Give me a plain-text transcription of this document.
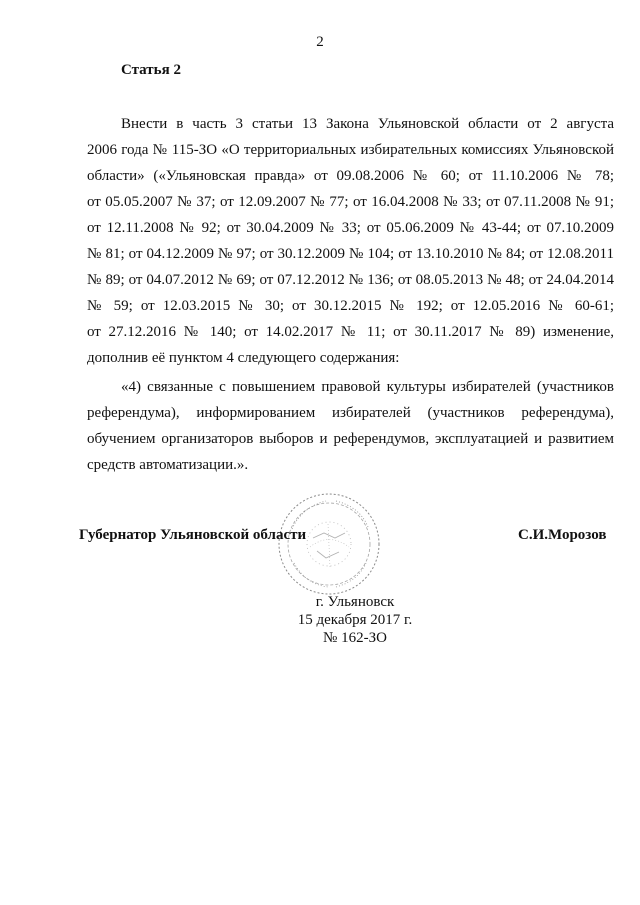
2
Статья 2
Внести в часть 3 статьи 13 Закона Ульяновской области от 2 августа
2006 года № 115-ЗО «О территориальных избирательных комиссиях Ульяновской
области» («Ульяновская правда» от 09.08.2006 № 60; от 11.10.2006 № 78;
от 05.05.2007 № 37; от 12.09.2007 № 77; от 16.04.2008 № 33; от 07.11.2008 № 91;
от 12.11.2008 № 92; от 30.04.2009 № 33; от 05.06.2009 № 43-44; от 07.10.2009
№ 81; от 04.12.2009 № 97; от 30.12.2009 № 104; от 13.10.2010 № 84; от 12.08.2011
№ 89; от 04.07.2012 № 69; от 07.12.2012 № 136; от 08.05.2013 № 48; от 24.04.2014
№ 59; от 12.03.2015 № 30; от 30.12.2015 № 192; от 12.05.2016 № 60-61;
от 27.12.2016 № 140; от 14.02.2017 № 11; от 30.11.2017 № 89) изменение,
дополнив её пунктом 4 следующего содержания:
«4) связанные с повышением правовой культуры избирателей (участников
референдума), информированием избирателей (участников референдума),
обучением организаторов выборов и референдумов, эксплуатацией и развитием
средств автоматизации.».
Губернатор Ульяновской области	С.И.Морозов
г. Ульяновск
15 декабря 2017 г.
№ 162-ЗО
